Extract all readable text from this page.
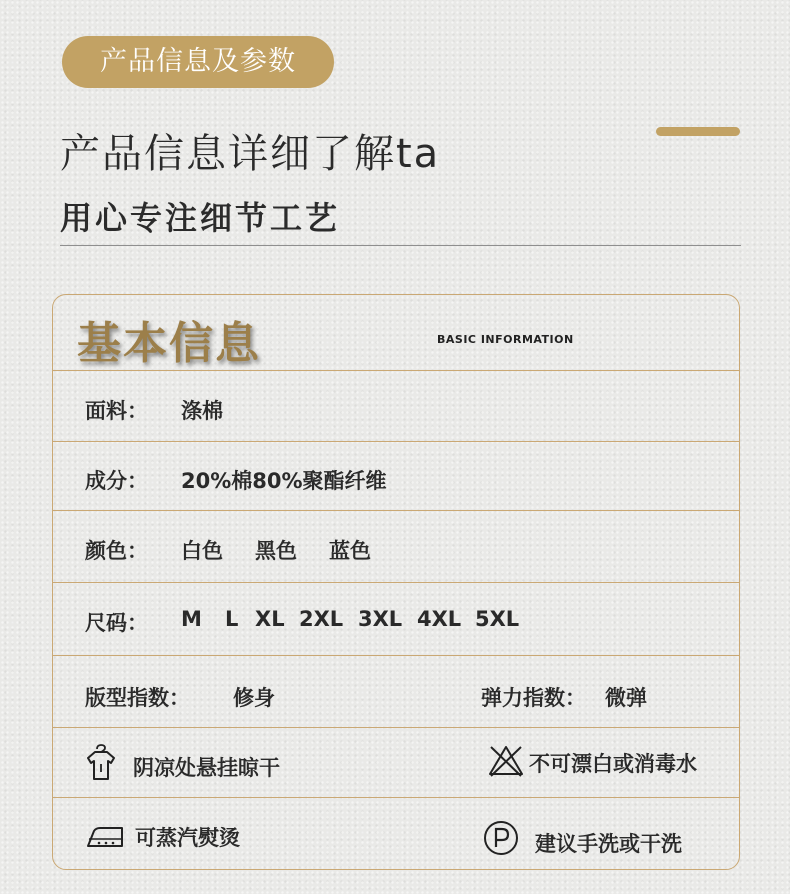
产品信息及参数
产品信息详细了解ta
用心专注细节工艺
基本信息	BASIC INFORMATION
面料： 涤棉
成分： 20%棉80%聚酯纤维
颜色： 白色 黑色 蓝色
尺码： M L XL 2XL 3XL 4XL 5XL
版型指数： 修身	弹力指数： 微弹
阴凉处悬挂晾干	不可漂白或消毒水
可蒸汽熨烫	建议手洗或干洗
